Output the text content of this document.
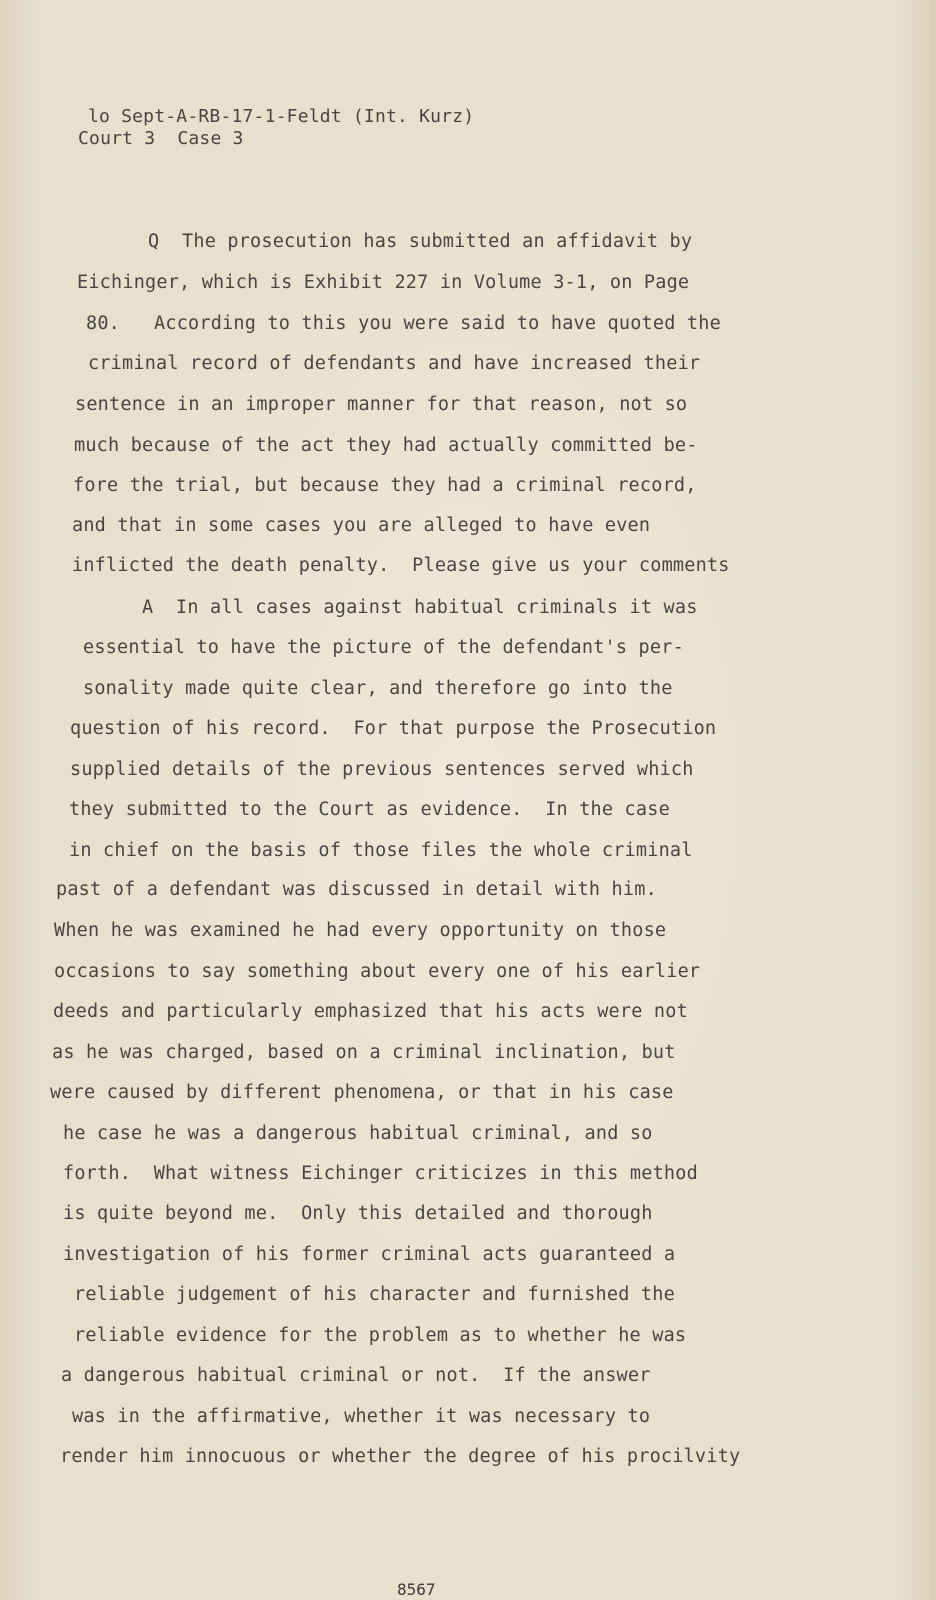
lo Sept-A-RB-17-1-Feldt (Int. Kurz)
Court 3  Case 3
Q  The prosecution has submitted an affidavit by
Eichinger, which is Exhibit 227 in Volume 3-1, on Page
80.   According to this you were said to have quoted the
criminal record of defendants and have increased their
sentence in an improper manner for that reason, not so
much because of the act they had actually committed be-
fore the trial, but because they had a criminal record,
and that in some cases you are alleged to have even
inflicted the death penalty.  Please give us your comments
A  In all cases against habitual criminals it was
essential to have the picture of the defendant's per-
sonality made quite clear, and therefore go into the
question of his record.  For that purpose the Prosecution
supplied details of the previous sentences served which
they submitted to the Court as evidence.  In the case
in chief on the basis of those files the whole criminal
past of a defendant was discussed in detail with him.
When he was examined he had every opportunity on those
occasions to say something about every one of his earlier
deeds and particularly emphasized that his acts were not
as he was charged, based on a criminal inclination, but
were caused by different phenomena, or that in his case
he case he was a dangerous habitual criminal, and so
forth.  What witness Eichinger criticizes in this method
is quite beyond me.  Only this detailed and thorough
investigation of his former criminal acts guaranteed a
reliable judgement of his character and furnished the
reliable evidence for the problem as to whether he was
a dangerous habitual criminal or not.  If the answer
was in the affirmative, whether it was necessary to
render him innocuous or whether the degree of his procilvity
8567
